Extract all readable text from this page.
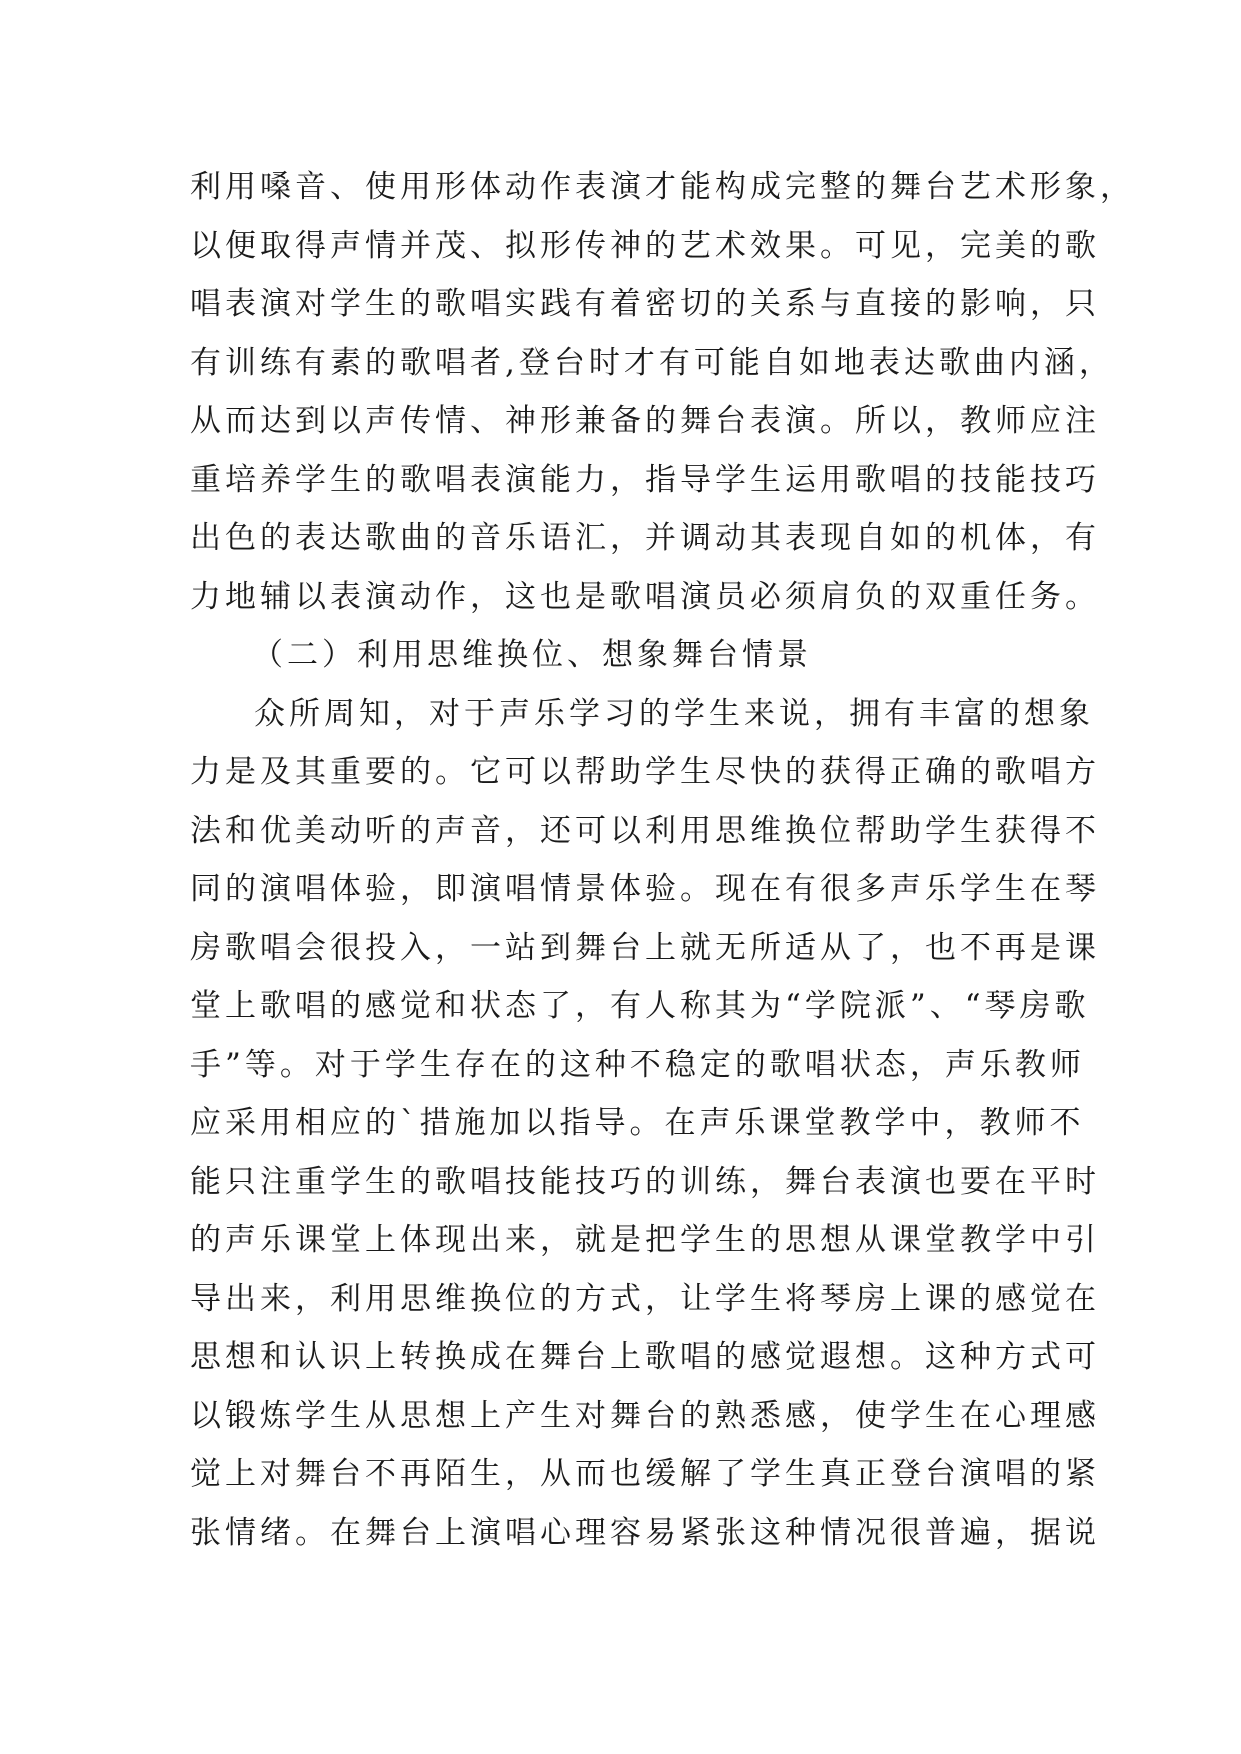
利用嗓音、使用形体动作表演才能构成完整的舞台艺术形象，
以便取得声情并茂、拟形传神的艺术效果。可见，完美的歌
唱表演对学生的歌唱实践有着密切的关系与直接的影响，只
有训练有素的歌唱者,登台时才有可能自如地表达歌曲内涵，
从而达到以声传情、神形兼备的舞台表演。所以，教师应注
重培养学生的歌唱表演能力，指导学生运用歌唱的技能技巧
出色的表达歌曲的音乐语汇，并调动其表现自如的机体，有
力地辅以表演动作，这也是歌唱演员必须肩负的双重任务。
（二）利用思维换位、想象舞台情景
众所周知，对于声乐学习的学生来说，拥有丰富的想象
力是及其重要的。它可以帮助学生尽快的获得正确的歌唱方
法和优美动听的声音，还可以利用思维换位帮助学生获得不
同的演唱体验，即演唱情景体验。现在有很多声乐学生在琴
房歌唱会很投入，一站到舞台上就无所适从了，也不再是课
堂上歌唱的感觉和状态了，有人称其为“学院派”、“琴房歌
手”等。对于学生存在的这种不稳定的歌唱状态，声乐教师
应采用相应的`措施加以指导。在声乐课堂教学中，教师不
能只注重学生的歌唱技能技巧的训练，舞台表演也要在平时
的声乐课堂上体现出来，就是把学生的思想从课堂教学中引
导出来，利用思维换位的方式，让学生将琴房上课的感觉在
思想和认识上转换成在舞台上歌唱的感觉遐想。这种方式可
以锻炼学生从思想上产生对舞台的熟悉感，使学生在心理感
觉上对舞台不再陌生，从而也缓解了学生真正登台演唱的紧
张情绪。在舞台上演唱心理容易紧张这种情况很普遍，据说
